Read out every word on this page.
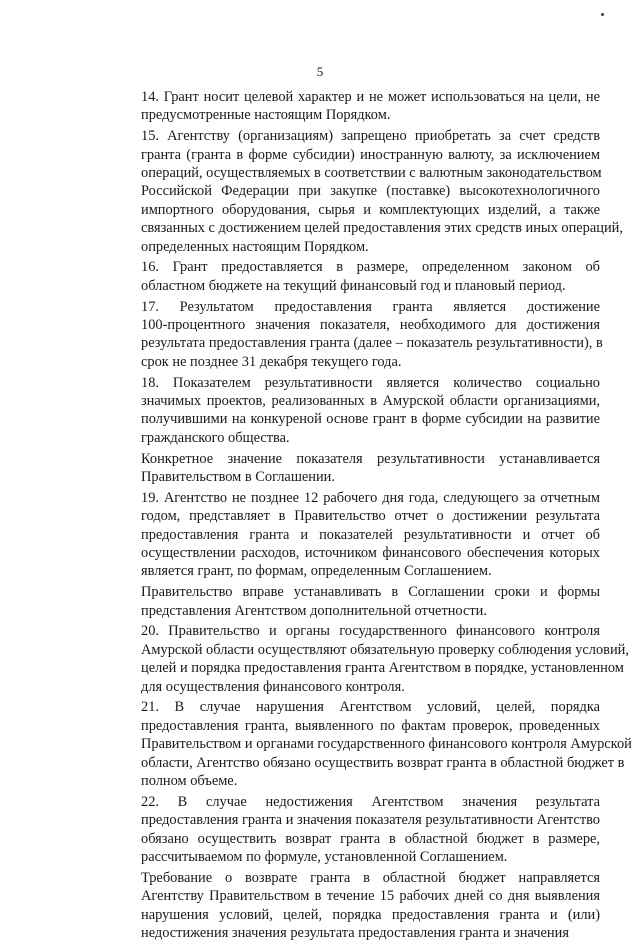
5
14. Грант носит целевой характер и не может использоваться на цели, не
предусмотренные настоящим Порядком.
15. Агентству (организациям) запрещено приобретать за счет средств
гранта (гранта в форме субсидии) иностранную валюту, за исключением
операций, осуществляемых в соответствии с валютным законодательством
Российской Федерации при закупке (поставке) высокотехнологичного
импортного оборудования, сырья и комплектующих изделий, а также
связанных с достижением целей предоставления этих средств иных операций,
определенных настоящим Порядком.
16. Грант предоставляется в размере, определенном законом об
областном бюджете на текущий финансовый год и плановый период.
17. Результатом предоставления гранта является достижение
100-процентного значения показателя, необходимого для достижения
результата предоставления гранта (далее – показатель результативности), в
срок не позднее 31 декабря текущего года.
18. Показателем результативности является количество социально
значимых проектов, реализованных в Амурской области организациями,
получившими на конкуреной основе грант в форме субсидии на развитие
гражданского общества.
Конкретное значение показателя результативности устанавливается
Правительством в Соглашении.
19. Агентство не позднее 12 рабочего дня года, следующего за отчетным
годом, представляет в Правительство отчет о достижении результата
предоставления гранта и показателей результативности и отчет об
осуществлении расходов, источником финансового обеспечения которых
является грант, по формам, определенным Соглашением.
Правительство вправе устанавливать в Соглашении сроки и формы
представления Агентством дополнительной отчетности.
20. Правительство и органы государственного финансового контроля
Амурской области осуществляют обязательную проверку соблюдения условий,
целей и порядка предоставления гранта Агентством в порядке, установленном
для осуществления финансового контроля.
21. В случае нарушения Агентством условий, целей, порядка
предоставления гранта, выявленного по фактам проверок, проведенных
Правительством и органами государственного финансового контроля Амурской
области, Агентство обязано осуществить возврат гранта в областной бюджет в
полном объеме.
22. В случае недостижения Агентством значения результата
предоставления гранта и значения показателя результативности Агентство
обязано осуществить возврат гранта в областной бюджет в размере,
рассчитываемом по формуле, установленной Соглашением.
Требование о возврате гранта в областной бюджет направляется
Агентству Правительством в течение 15 рабочих дней со дня выявления
нарушения условий, целей, порядка предоставления гранта и (или)
недостижения значения результата предоставления гранта и значения
